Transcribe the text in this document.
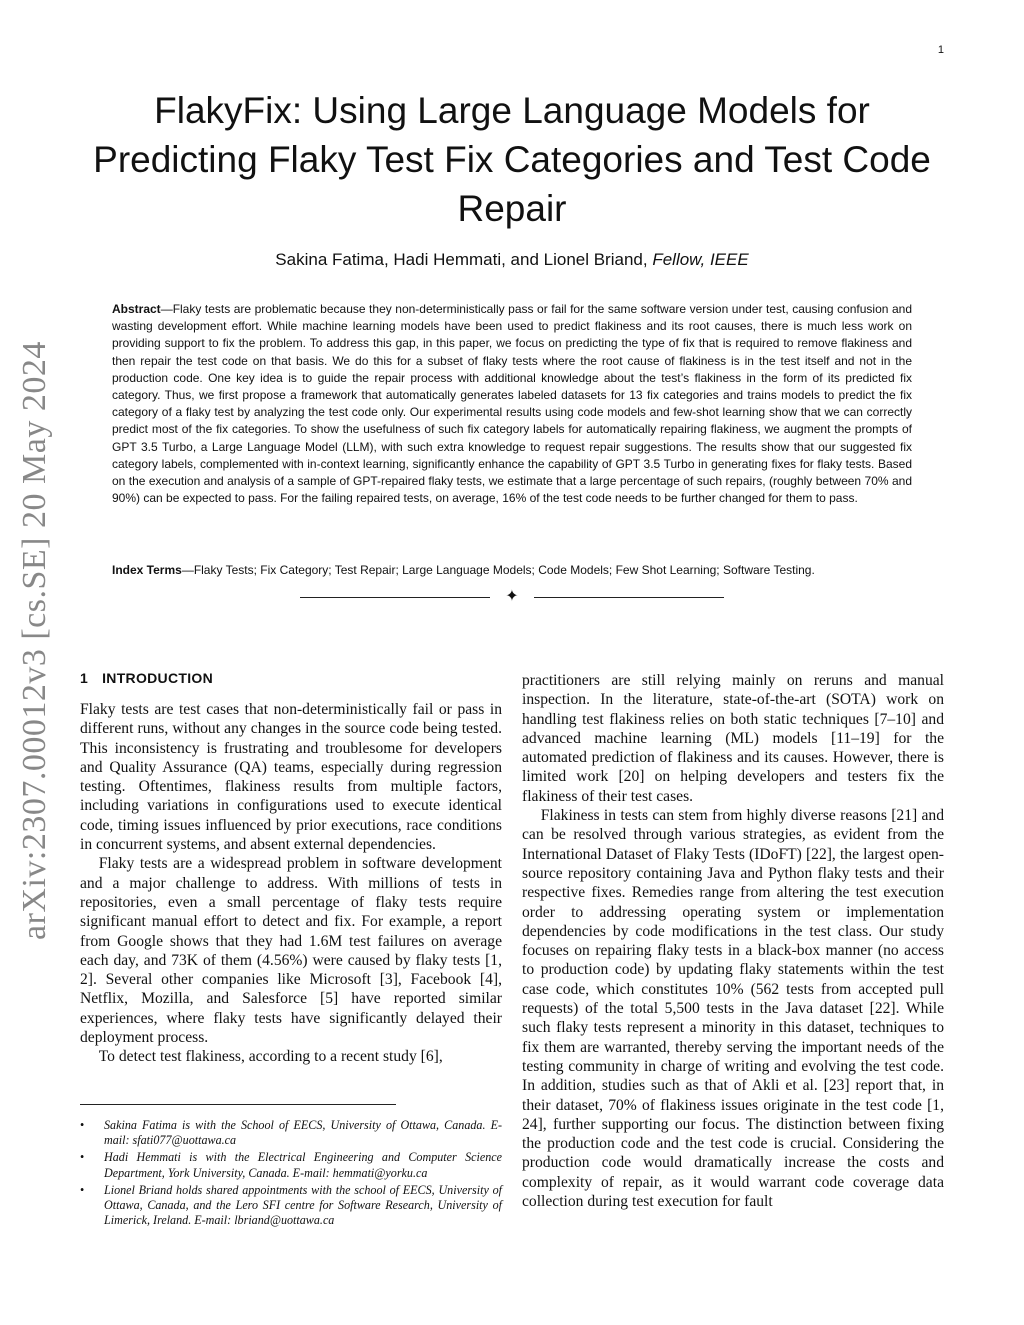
1
arXiv:2307.00012v3 [cs.SE] 20 May 2024
FlakyFix: Using Large Language Models for Predicting Flaky Test Fix Categories and Test Code Repair
Sakina Fatima, Hadi Hemmati, and Lionel Briand, Fellow, IEEE

Abstract—Flaky tests are problematic because they non-deterministically pass or fail for the same software version under test, causing confusion and wasting development effort. While machine learning models have been used to predict flakiness and its root causes, there is much less work on providing support to fix the problem. To address this gap, in this paper, we focus on predicting the type of fix that is required to remove flakiness and then repair the test code on that basis. We do this for a subset of flaky tests where the root cause of flakiness is in the test itself and not in the production code. One key idea is to guide the repair process with additional knowledge about the test’s flakiness in the form of its predicted fix category. Thus, we first propose a framework that automatically generates labeled datasets for 13 fix categories and trains models to predict the fix category of a flaky test by analyzing the test code only. Our experimental results using code models and few-shot learning show that we can correctly predict most of the fix categories. To show the usefulness of such fix category labels for automatically repairing flakiness, we augment the prompts of GPT 3.5 Turbo, a Large Language Model (LLM), with such extra knowledge to request repair suggestions. The results show that our suggested fix category labels, complemented with in-context learning, significantly enhance the capability of GPT 3.5 Turbo in generating fixes for flaky tests. Based on the execution and analysis of a sample of GPT-repaired flaky tests, we estimate that a large percentage of such repairs, (roughly between 70% and 90%) can be expected to pass. For the failing repaired tests, on average, 16% of the test code needs to be further changed for them to pass.

Index Terms—Flaky Tests; Fix Category; Test Repair; Large Language Models; Code Models; Few Shot Learning; Software Testing.

✦
1 INTRODUCTION

Flaky tests are test cases that non-deterministically fail or pass in different runs, without any changes in the source code being tested. This inconsistency is frustrating and troublesome for developers and Quality Assurance (QA) teams, especially during regression testing. Oftentimes, flakiness results from multiple factors, including variations in configurations used to execute identical code, timing issues influenced by prior executions, race conditions in concurrent systems, and absent external dependencies.

Flaky tests are a widespread problem in software development and a major challenge to address. With millions of tests in repositories, even a small percentage of flaky tests require significant manual effort to detect and fix. For example, a report from Google shows that they had 1.6M test failures on average each day, and 73K of them (4.56%) were caused by flaky tests [1, 2]. Several other companies like Microsoft [3], Facebook [4], Netflix, Mozilla, and Salesforce [5] have reported similar experiences, where flaky tests have significantly delayed their deployment process.

To detect test flakiness, according to a recent study [6],

practitioners are still relying mainly on reruns and manual inspection. In the literature, state-of-the-art (SOTA) work on handling test flakiness relies on both static techniques [7–10] and advanced machine learning (ML) models [11–19] for the automated prediction of flakiness and its causes. However, there is limited work [20] on helping developers and testers fix the flakiness of their test cases.

Flakiness in tests can stem from highly diverse reasons [21] and can be resolved through various strategies, as evident from the International Dataset of Flaky Tests (IDoFT) [22], the largest open-source repository containing Java and Python flaky tests and their respective fixes. Remedies range from altering the test execution order to addressing operating system or implementation dependencies by code modifications in the test class. Our study focuses on repairing flaky tests in a black-box manner (no access to production code) by updating flaky statements within the test case code, which constitutes 10% (562 tests from accepted pull requests) of the total 5,500 tests in the Java dataset [22]. While such flaky tests represent a minority in this dataset, techniques to fix them are warranted, thereby serving the important needs of the testing community in charge of writing and evolving the test code. In addition, studies such as that of Akli et al. [23] report that, in their dataset, 70% of flakiness issues originate in the test code [1, 24], further supporting our focus. The distinction between fixing the production code and the test code is crucial. Considering the production code would dramatically increase the costs and complexity of repair, as it would warrant code coverage data collection during test execution for fault

• Sakina Fatima is with the School of EECS, University of Ottawa, Canada. E-mail: sfati077@uottawa.ca
• Hadi Hemmati is with the Electrical Engineering and Computer Science Department, York University, Canada. E-mail: hemmati@yorku.ca
• Lionel Briand holds shared appointments with the school of EECS, University of Ottawa, Canada, and the Lero SFI centre for Software Research, University of Limerick, Ireland. E-mail: lbriand@uottawa.ca
